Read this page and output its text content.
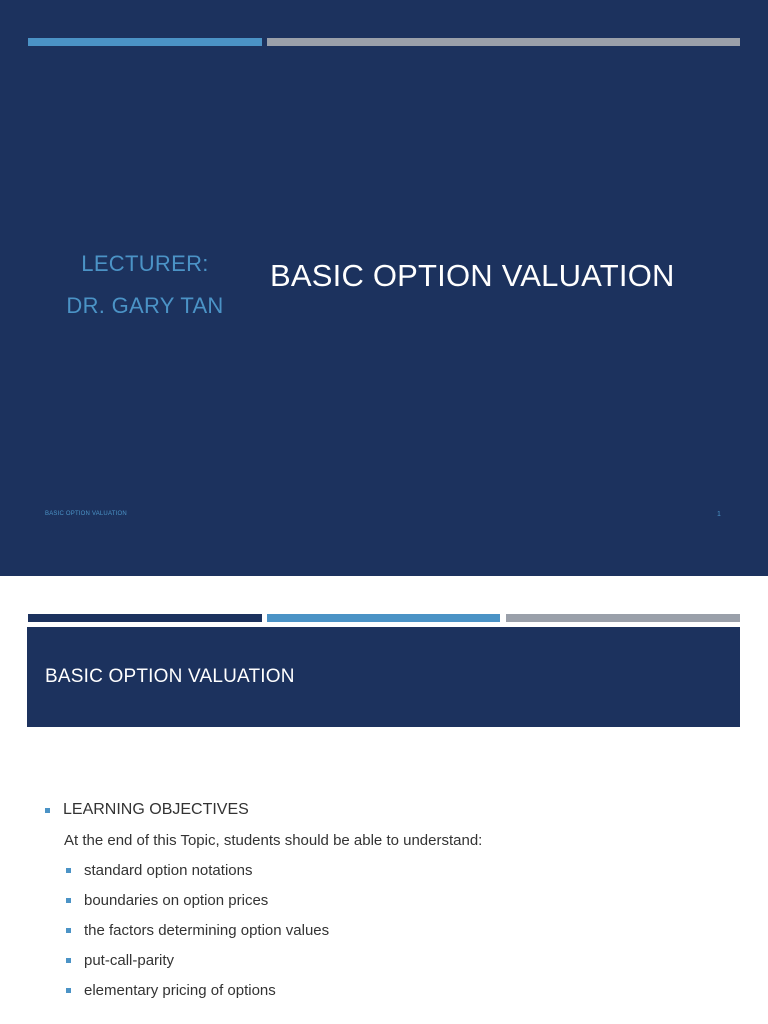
LECTURER:
DR. GARY TAN
BASIC OPTION VALUATION
BASIC OPTION VALUATION	1
BASIC OPTION VALUATION
LEARNING OBJECTIVES
At the end of this Topic, students should be able to understand:
standard option notations
boundaries on option prices
the factors determining option values
put-call-parity
elementary pricing of options
